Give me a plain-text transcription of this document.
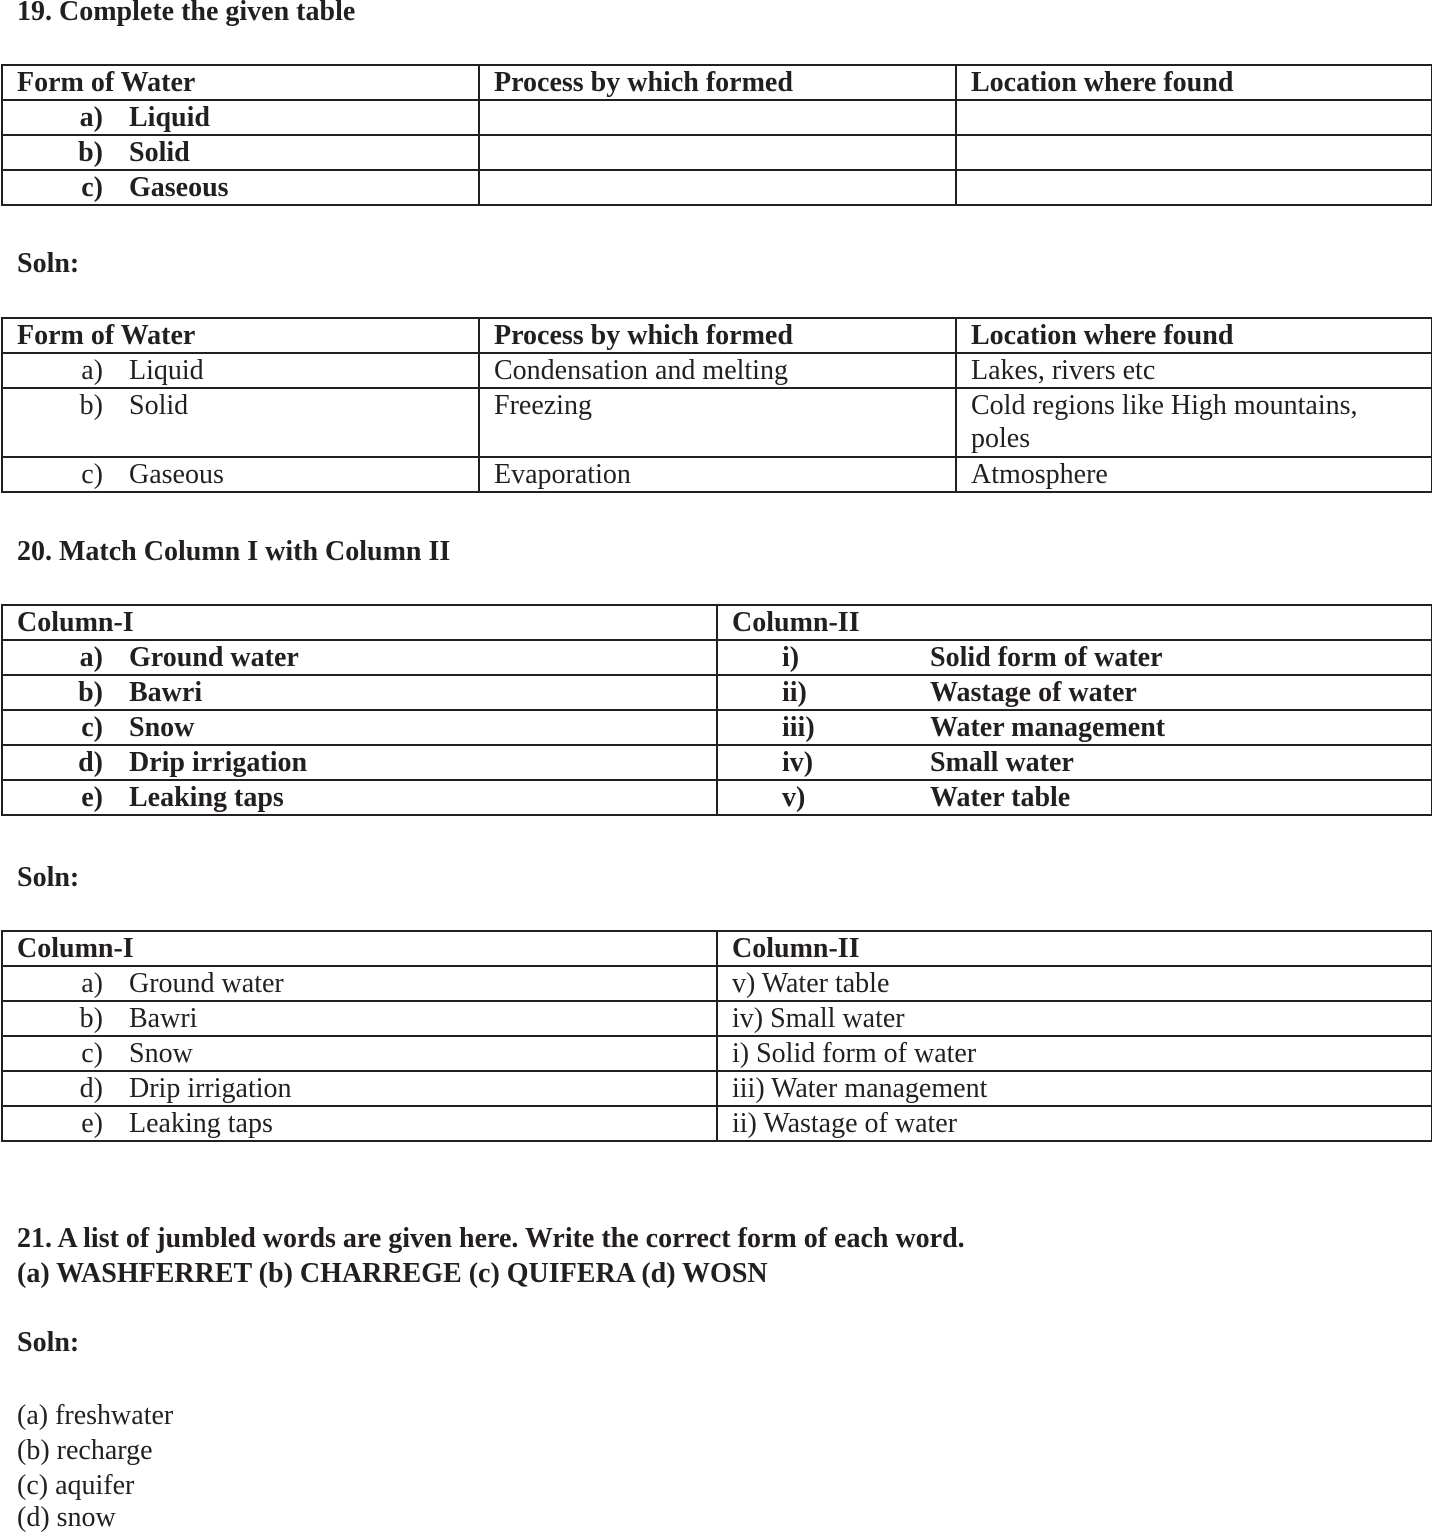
19. Complete the given table
Form of Water	Process by which formed	Location where found
a) Liquid		
b) Solid		
c) Gaseous		
Soln:
Form of Water	Process by which formed	Location where found
a) Liquid	Condensation and melting	Lakes, rivers etc
b) Solid	Freezing	Cold regions like High mountains, poles
c) Gaseous	Evaporation	Atmosphere
20. Match Column I with Column II
Column-I	Column-II
a) Ground water	i) Solid form of water
b) Bawri	ii) Wastage of water
c) Snow	iii) Water management
d) Drip irrigation	iv) Small water
e) Leaking taps	v) Water table
Soln:
Column-I	Column-II
a) Ground water	v) Water table
b) Bawri	iv) Small water
c) Snow	i) Solid form of water
d) Drip irrigation	iii) Water management
e) Leaking taps	ii) Wastage of water
21. A list of jumbled words are given here. Write the correct form of each word.
(a) WASHFERRET (b) CHARREGE (c) QUIFERA (d) WOSN
Soln:
(a) freshwater
(b) recharge
(c) aquifer
(d) snow
